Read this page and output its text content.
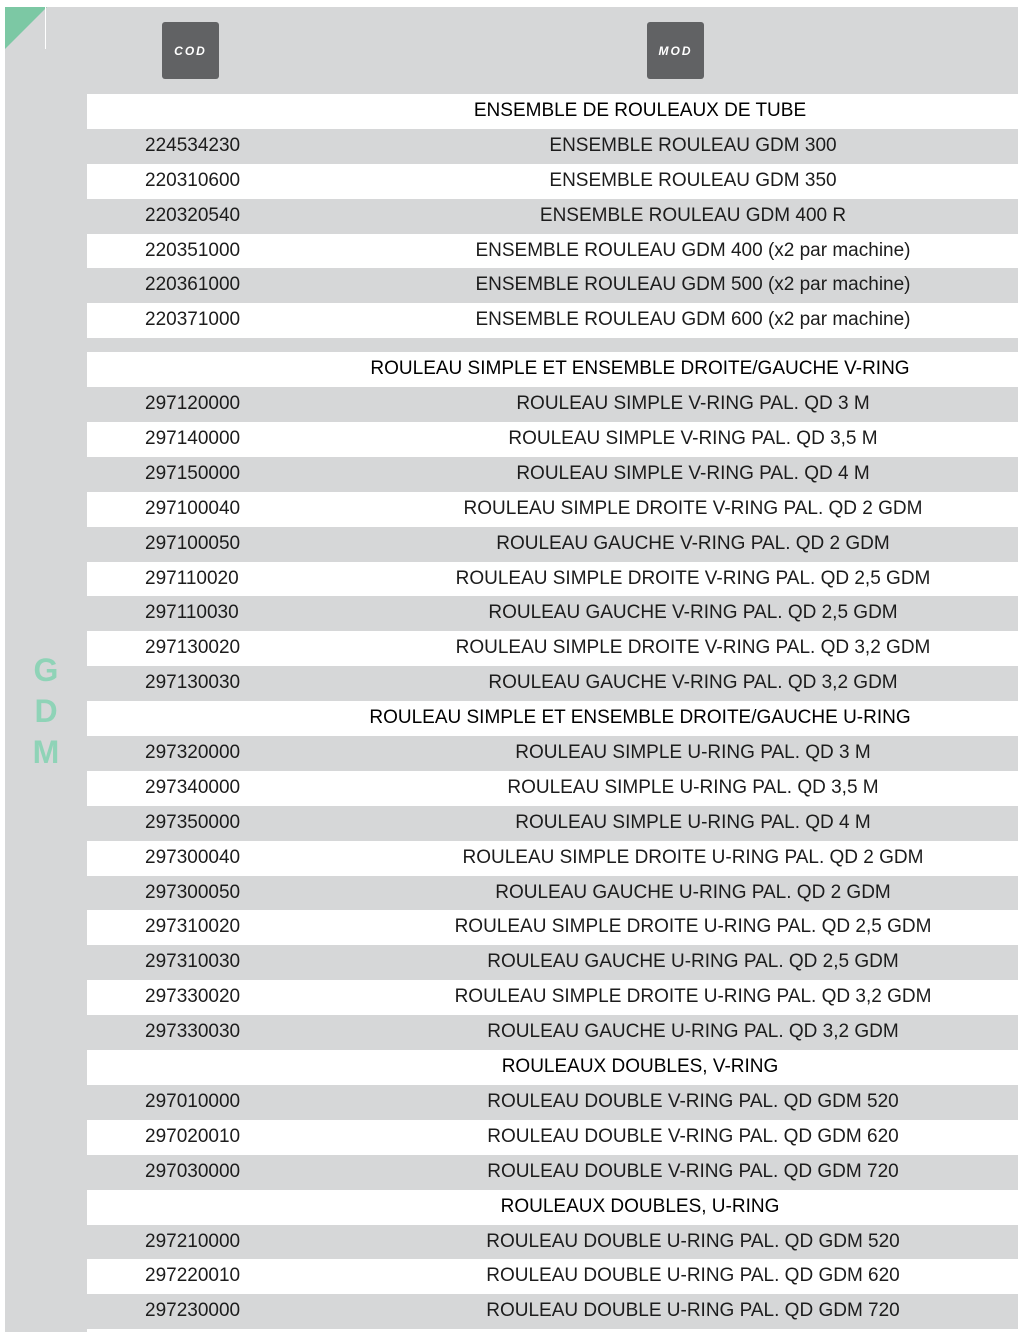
G
D
M
COD	MOD
ENSEMBLE DE ROULEAUX DE TUBE
224534230	ENSEMBLE ROULEAU GDM 300
220310600	ENSEMBLE ROULEAU GDM 350
220320540	ENSEMBLE ROULEAU GDM 400 R
220351000	ENSEMBLE ROULEAU GDM 400 (x2 par machine)
220361000	ENSEMBLE ROULEAU GDM 500 (x2 par machine)
220371000	ENSEMBLE ROULEAU GDM 600 (x2 par machine)
ROULEAU SIMPLE ET ENSEMBLE DROITE/GAUCHE V-RING
297120000	ROULEAU SIMPLE V-RING PAL. QD 3 M
297140000	ROULEAU SIMPLE V-RING PAL. QD 3,5 M
297150000	ROULEAU SIMPLE V-RING PAL. QD 4 M
297100040	ROULEAU SIMPLE DROITE V-RING PAL. QD 2 GDM
297100050	ROULEAU GAUCHE V-RING PAL. QD 2 GDM
297110020	ROULEAU SIMPLE DROITE V-RING PAL. QD 2,5 GDM
297110030	ROULEAU GAUCHE V-RING PAL. QD 2,5 GDM
297130020	ROULEAU SIMPLE DROITE V-RING PAL. QD 3,2 GDM
297130030	ROULEAU GAUCHE V-RING PAL. QD 3,2 GDM
ROULEAU SIMPLE ET ENSEMBLE DROITE/GAUCHE U-RING
297320000	ROULEAU SIMPLE U-RING PAL. QD 3 M
297340000	ROULEAU SIMPLE U-RING PAL. QD 3,5 M
297350000	ROULEAU SIMPLE U-RING PAL. QD 4 M
297300040	ROULEAU SIMPLE DROITE U-RING PAL. QD 2 GDM
297300050	ROULEAU GAUCHE U-RING PAL. QD 2 GDM
297310020	ROULEAU SIMPLE DROITE U-RING PAL. QD 2,5 GDM
297310030	ROULEAU GAUCHE U-RING PAL. QD 2,5 GDM
297330020	ROULEAU SIMPLE DROITE U-RING PAL. QD 3,2 GDM
297330030	ROULEAU GAUCHE U-RING PAL. QD 3,2 GDM
ROULEAUX DOUBLES, V-RING
297010000	ROULEAU DOUBLE V-RING PAL. QD GDM 520
297020010	ROULEAU DOUBLE V-RING PAL. QD GDM 620
297030000	ROULEAU DOUBLE V-RING PAL. QD GDM 720
ROULEAUX DOUBLES, U-RING
297210000	ROULEAU DOUBLE U-RING PAL. QD GDM 520
297220010	ROULEAU DOUBLE U-RING PAL. QD GDM 620
297230000	ROULEAU DOUBLE U-RING PAL. QD GDM 720
